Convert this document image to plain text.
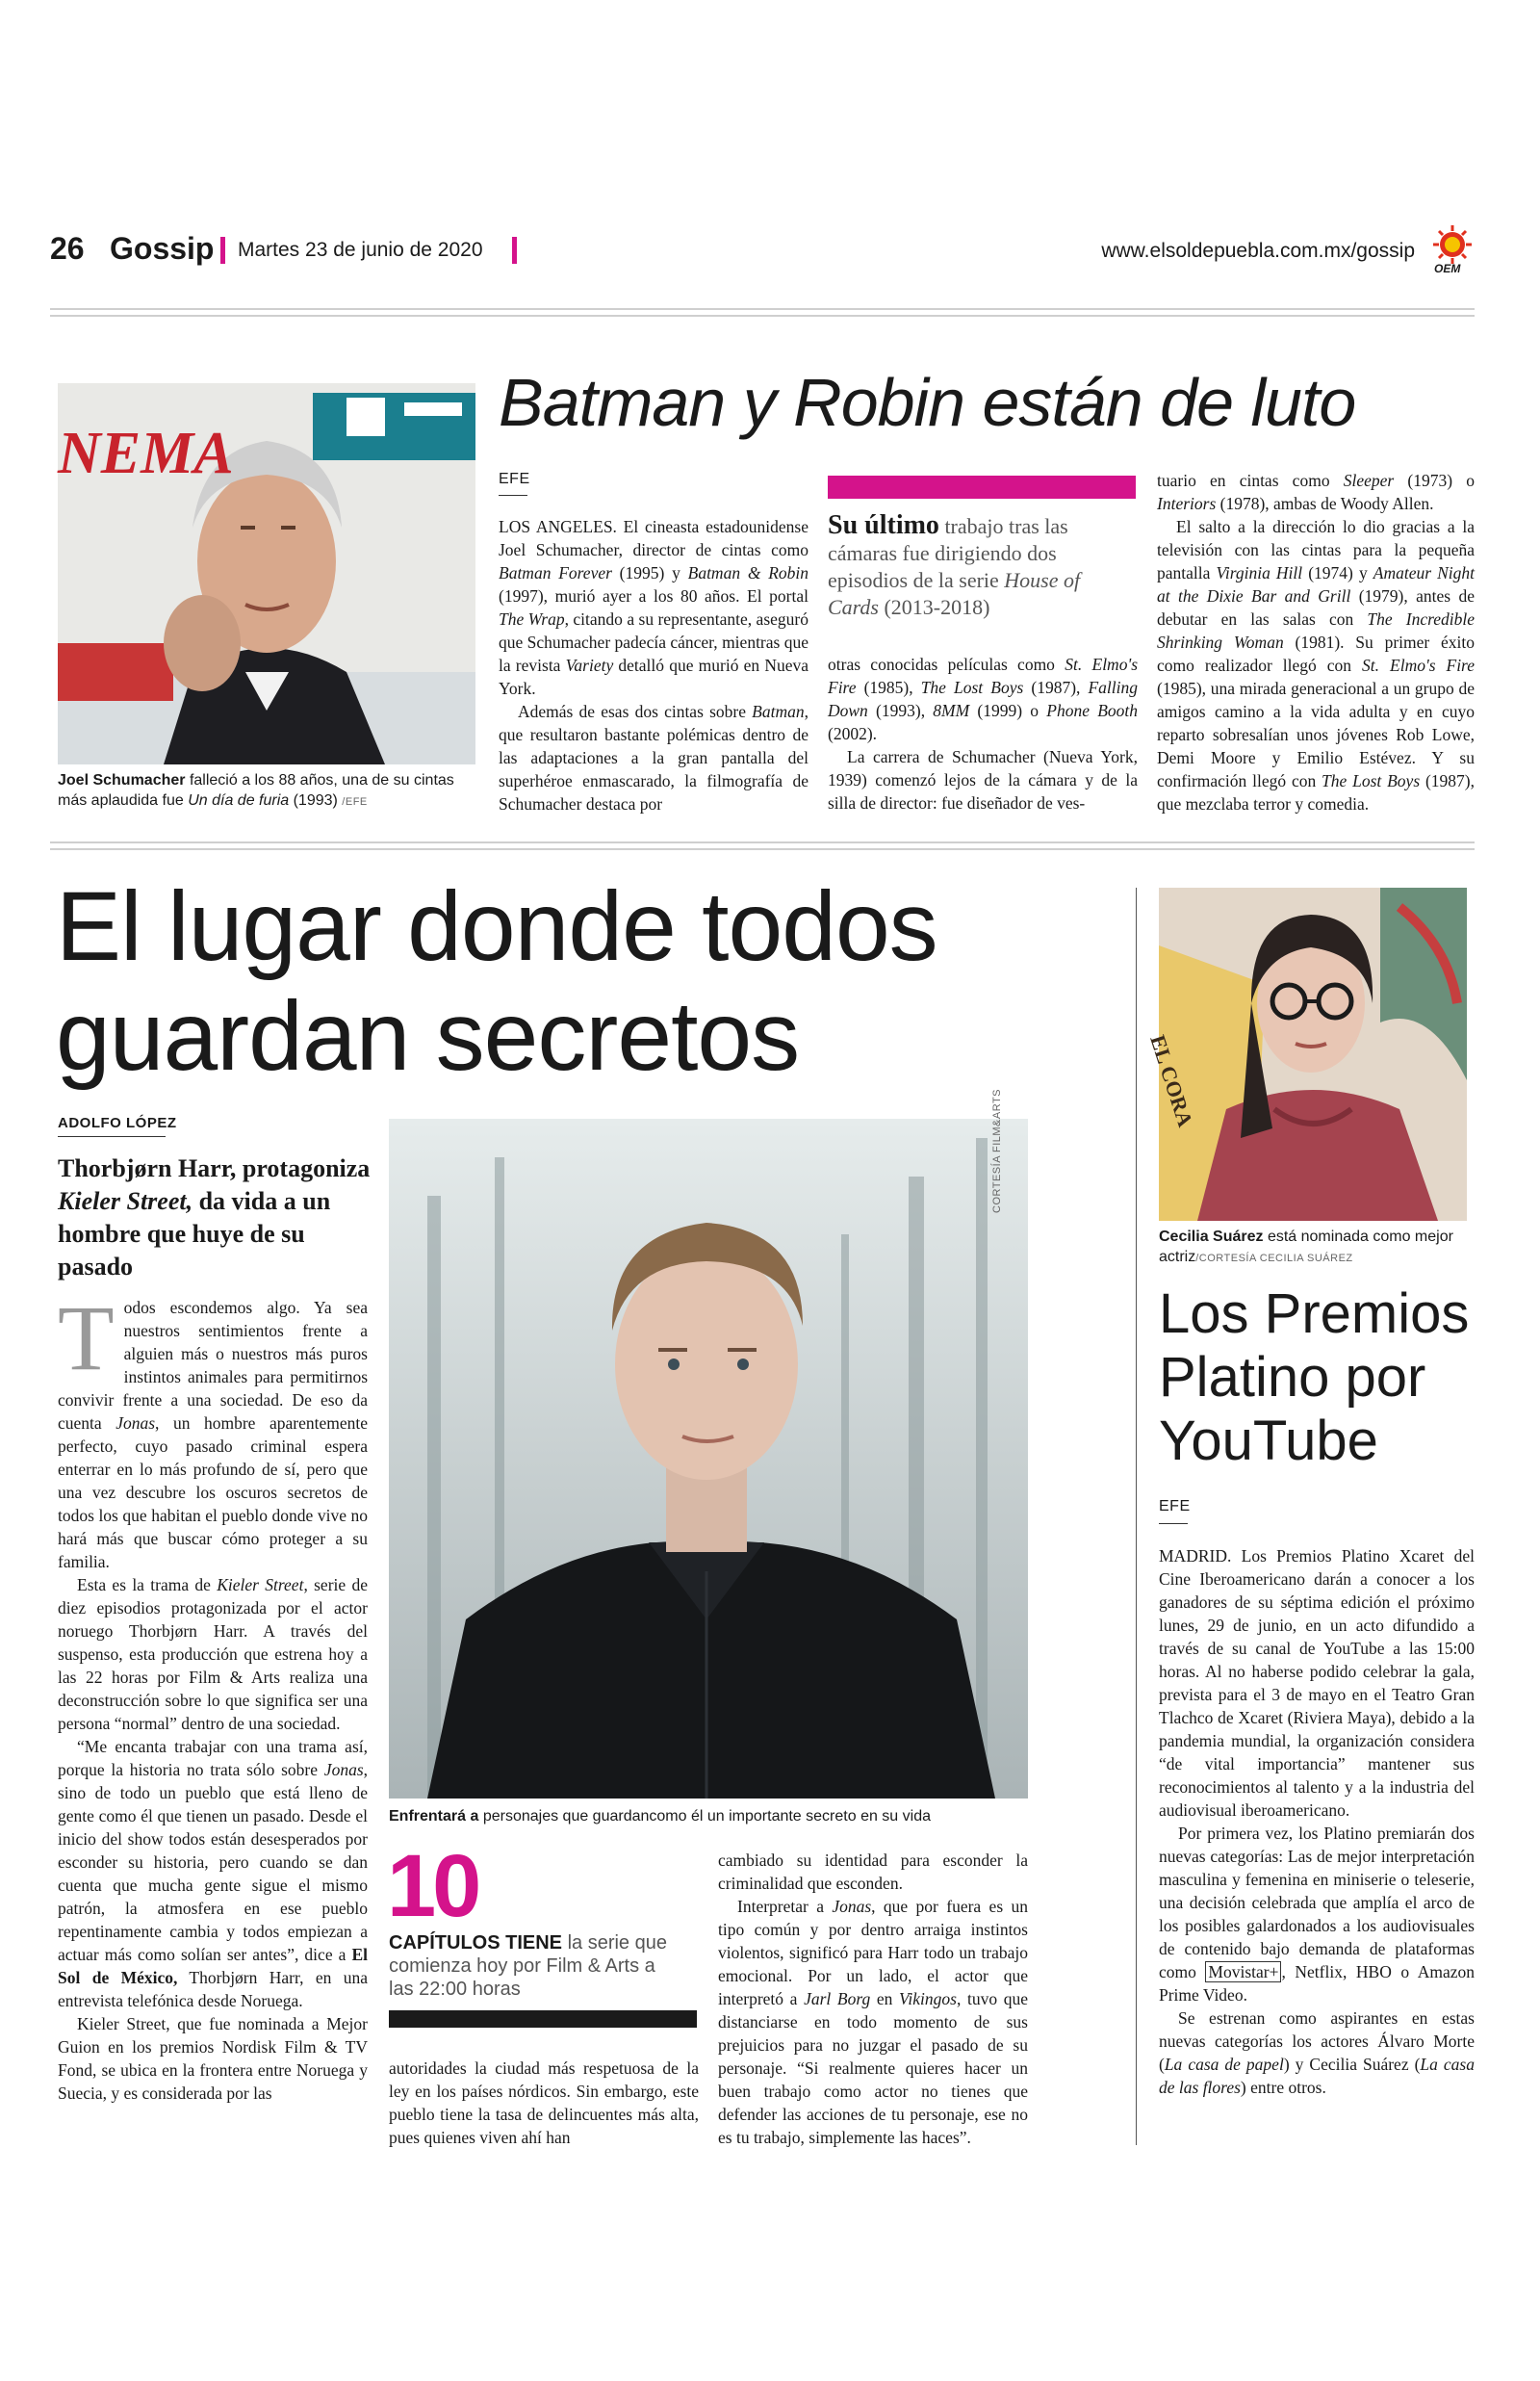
26 Gossip Martes 23 de junio de 2020	www.elsoldepuebla.com.mx/gossip
OEM
NEMA
Joel Schumacher falleció a los 88 años, una de su cintas más aplaudida fue Un día de furia (1993) /EFE
Batman y Robin están de luto
EFE

LOS ANGELES. El cineasta estadounidense Joel Schumacher, director de cintas como Batman Forever (1995) y Batman & Robin (1997), murió ayer a los 80 años. El portal The Wrap, citando a su representante, aseguró que Schumacher padecía cáncer, mientras que la revista Variety detalló que murió en Nueva York.

Además de esas dos cintas sobre Batman, que resultaron bastante polémicas dentro de las adaptaciones a la gran pantalla del superhéroe enmascarado, la filmografía de Schumacher destaca por

Su último trabajo tras las cámaras fue dirigiendo dos episodios de la serie House of Cards (2013-2018)

otras conocidas películas como St. Elmo's Fire (1985), The Lost Boys (1987), Falling Down (1993), 8MM (1999) o Phone Booth (2002).

La carrera de Schumacher (Nueva York, 1939) comenzó lejos de la cámara y de la silla de director: fue diseñador de ves-

tuario en cintas como Sleeper (1973) o Interiors (1978), ambas de Woody Allen.

El salto a la dirección lo dio gracias a la televisión con las cintas para la pequeña pantalla Virginia Hill (1974) y Amateur Night at the Dixie Bar and Grill (1979), antes de debutar en las salas con The Incredible Shrinking Woman (1981). Su primer éxito como realizador llegó con St. Elmo's Fire (1985), una mirada generacional a un grupo de amigos camino a la vida adulta y en cuyo reparto sobresalían unos jóvenes Rob Lowe, Demi Moore y Emilio Estévez. Y su confirmación llegó con The Lost Boys (1987), que mezclaba terror y comedia.

El lugar donde todos
guardan secretos
ADOLFO LÓPEZ
Thorbjørn Harr, protagoniza Kieler Street, da vida a un hombre que huye de su pasado

Todos escondemos algo. Ya sea nuestros sentimientos frente a alguien más o nuestros más puros instintos animales para permitirnos convivir frente a una sociedad. De eso da cuenta Jonas, un hombre aparentemente perfecto, cuyo pasado criminal espera enterrar en lo más profundo de sí, pero que una vez descubre los oscuros secretos de todos los que habitan el pueblo donde vive no hará más que buscar cómo proteger a su familia.

Esta es la trama de Kieler Street, serie de diez episodios protagonizada por el actor noruego Thorbjørn Harr. A través del suspenso, esta producción que estrena hoy a las 22 horas por Film & Arts realiza una deconstrucción sobre lo que significa ser una persona “normal” dentro de una sociedad.

“Me encanta trabajar con una trama así, porque la historia no trata sólo sobre Jonas, sino de todo un pueblo que está lleno de gente como él que tienen un pasado. Desde el inicio del show todos están desesperados por esconder su historia, pero cuando se dan cuenta que mucha gente sigue el mismo patrón, la atmosfera en ese pueblo repentinamente cambia y todos empiezan a actuar más como solían ser antes”, dice a El Sol de México, Thorbjørn Harr, en una entrevista telefónica desde Noruega.

Kieler Street, que fue nominada a Mejor Guion en los premios Nordisk Film & TV Fond, se ubica en la frontera entre Noruega y Suecia, y es considerada por las

CORTESÍA FILM&ARTS
Enfrentará a personajes que guardancomo él un importante secreto en su vida
10
CAPÍTULOS TIENE la serie que comienza hoy por Film & Arts a las 22:00 horas

autoridades la ciudad más respetuosa de la ley en los países nórdicos. Sin embargo, este pueblo tiene la tasa de delincuentes más alta, pues quienes viven ahí han

cambiado su identidad para esconder la criminalidad que esconden.

Interpretar a Jonas, que por fuera es un tipo común y por dentro arraiga instintos violentos, significó para Harr todo un trabajo emocional. Por un lado, el actor que interpretó a Jarl Borg en Vikingos, tuvo que distanciarse en todo momento de sus prejuicios para no juzgar el pasado de su personaje. “Si realmente quieres hacer un buen trabajo como actor no tienes que defender las acciones de tu personaje, ese no es tu trabajo, simplemente las haces”.

EL CORA
Cecilia Suárez está nominada como mejor actriz/CORTESÍA CECILIA SUÁREZ
Los Premios Platino por YouTube
EFE

MADRID. Los Premios Platino Xcaret del Cine Iberoamericano darán a conocer a los ganadores de su séptima edición el próximo lunes, 29 de junio, en un acto difundido a través de su canal de YouTube a las 15:00 horas. Al no haberse podido celebrar la gala, prevista para el 3 de mayo en el Teatro Gran Tlachco de Xcaret (Riviera Maya), debido a la pandemia mundial, la organización considera “de vital importancia” mantener sus reconocimientos al talento y a la industria del audiovisual iberoamericano.

Por primera vez, los Platino premiarán dos nuevas categorías: Las de mejor interpretación masculina y femenina en miniserie o teleserie, una decisión celebrada que amplía el arco de los posibles galardonados a los audiovisuales de contenido bajo demanda de plataformas como Movistar+ , Netflix, HBO o Amazon Prime Video.

Se estrenan como aspirantes en estas nuevas categorías los actores Álvaro Morte (La casa de papel) y Cecilia Suárez (La casa de las flores) entre otros.
